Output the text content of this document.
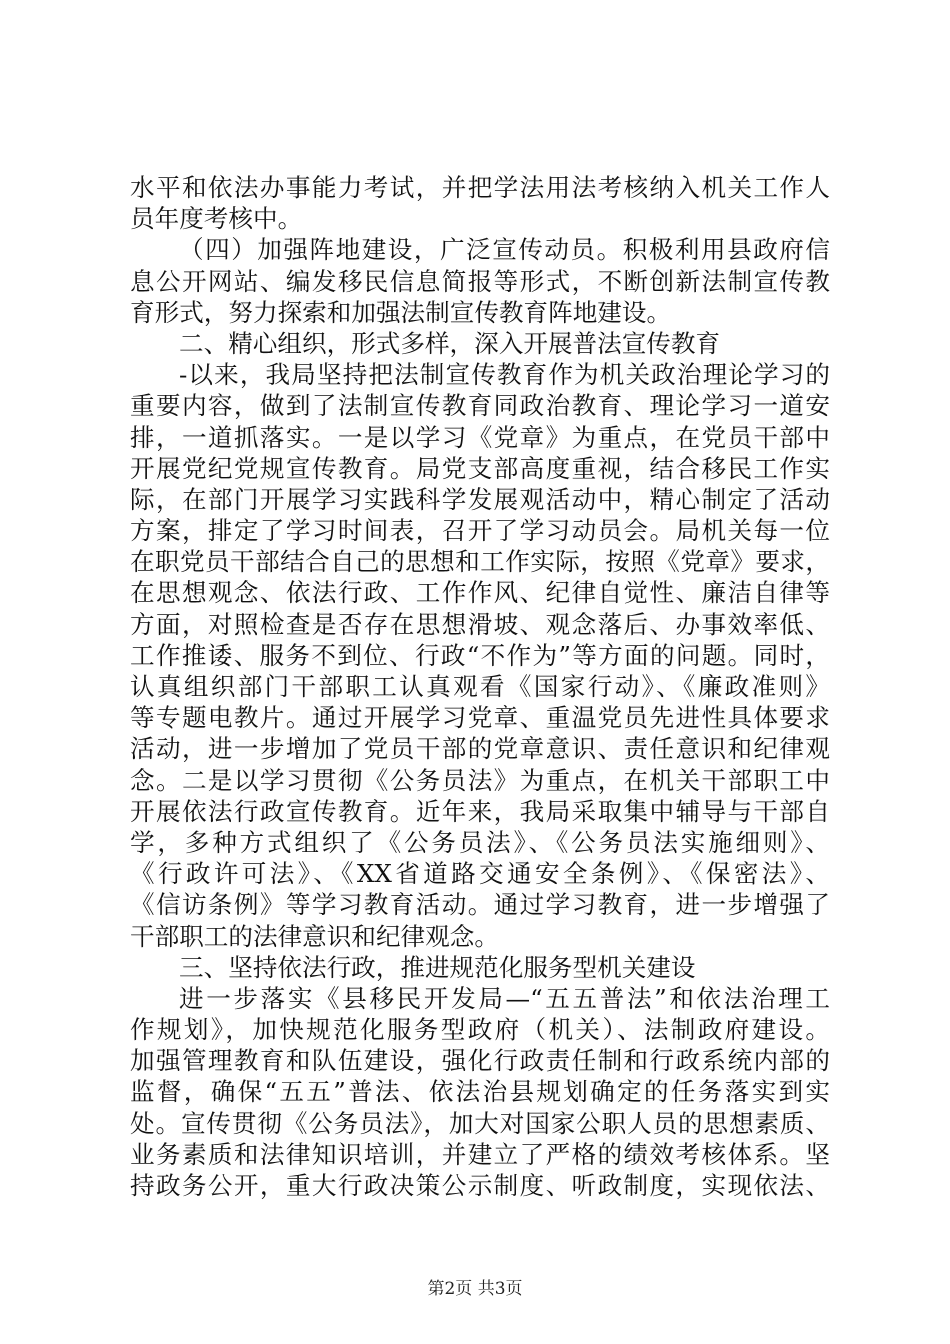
水平和依法办事能力考试，并把学法用法考核纳入机关工作人
员年度考核中。
（四）加强阵地建设，广泛宣传动员。积极利用县政府信
息公开网站、编发移民信息简报等形式，不断创新法制宣传教
育形式，努力探索和加强法制宣传教育阵地建设。
二、精心组织，形式多样，深入开展普法宣传教育
-以来，我局坚持把法制宣传教育作为机关政治理论学习的
重要内容，做到了法制宣传教育同政治教育、理论学习一道安
排，一道抓落实。一是以学习《党章》为重点，在党员干部中
开展党纪党规宣传教育。局党支部高度重视，结合移民工作实
际，在部门开展学习实践科学发展观活动中，精心制定了活动
方案，排定了学习时间表，召开了学习动员会。局机关每一位
在职党员干部结合自己的思想和工作实际，按照《党章》要求，
在思想观念、依法行政、工作作风、纪律自觉性、廉洁自律等
方面，对照检查是否存在思想滑坡、观念落后、办事效率低、
工作推诿、服务不到位、行政“不作为”等方面的问题。同时，
认真组织部门干部职工认真观看《国家行动》、《廉政准则》
等专题电教片。通过开展学习党章、重温党员先进性具体要求
活动，进一步增加了党员干部的党章意识、责任意识和纪律观
念。二是以学习贯彻《公务员法》为重点，在机关干部职工中
开展依法行政宣传教育。近年来，我局采取集中辅导与干部自
学，多种方式组织了《公务员法》、《公务员法实施细则》、
《行政许可法》、《XX省道路交通安全条例》、《保密法》、
《信访条例》等学习教育活动。通过学习教育，进一步增强了
干部职工的法律意识和纪律观念。
三、坚持依法行政，推进规范化服务型机关建设
进一步落实《县移民开发局—“五五普法”和依法治理工
作规划》，加快规范化服务型政府（机关）、法制政府建设。
加强管理教育和队伍建设，强化行政责任制和行政系统内部的
监督，确保“五五”普法、依法治县规划确定的任务落实到实
处。宣传贯彻《公务员法》，加大对国家公职人员的思想素质、
业务素质和法律知识培训，并建立了严格的绩效考核体系。坚
持政务公开，重大行政决策公示制度、听政制度，实现依法、
第2页 共3页
